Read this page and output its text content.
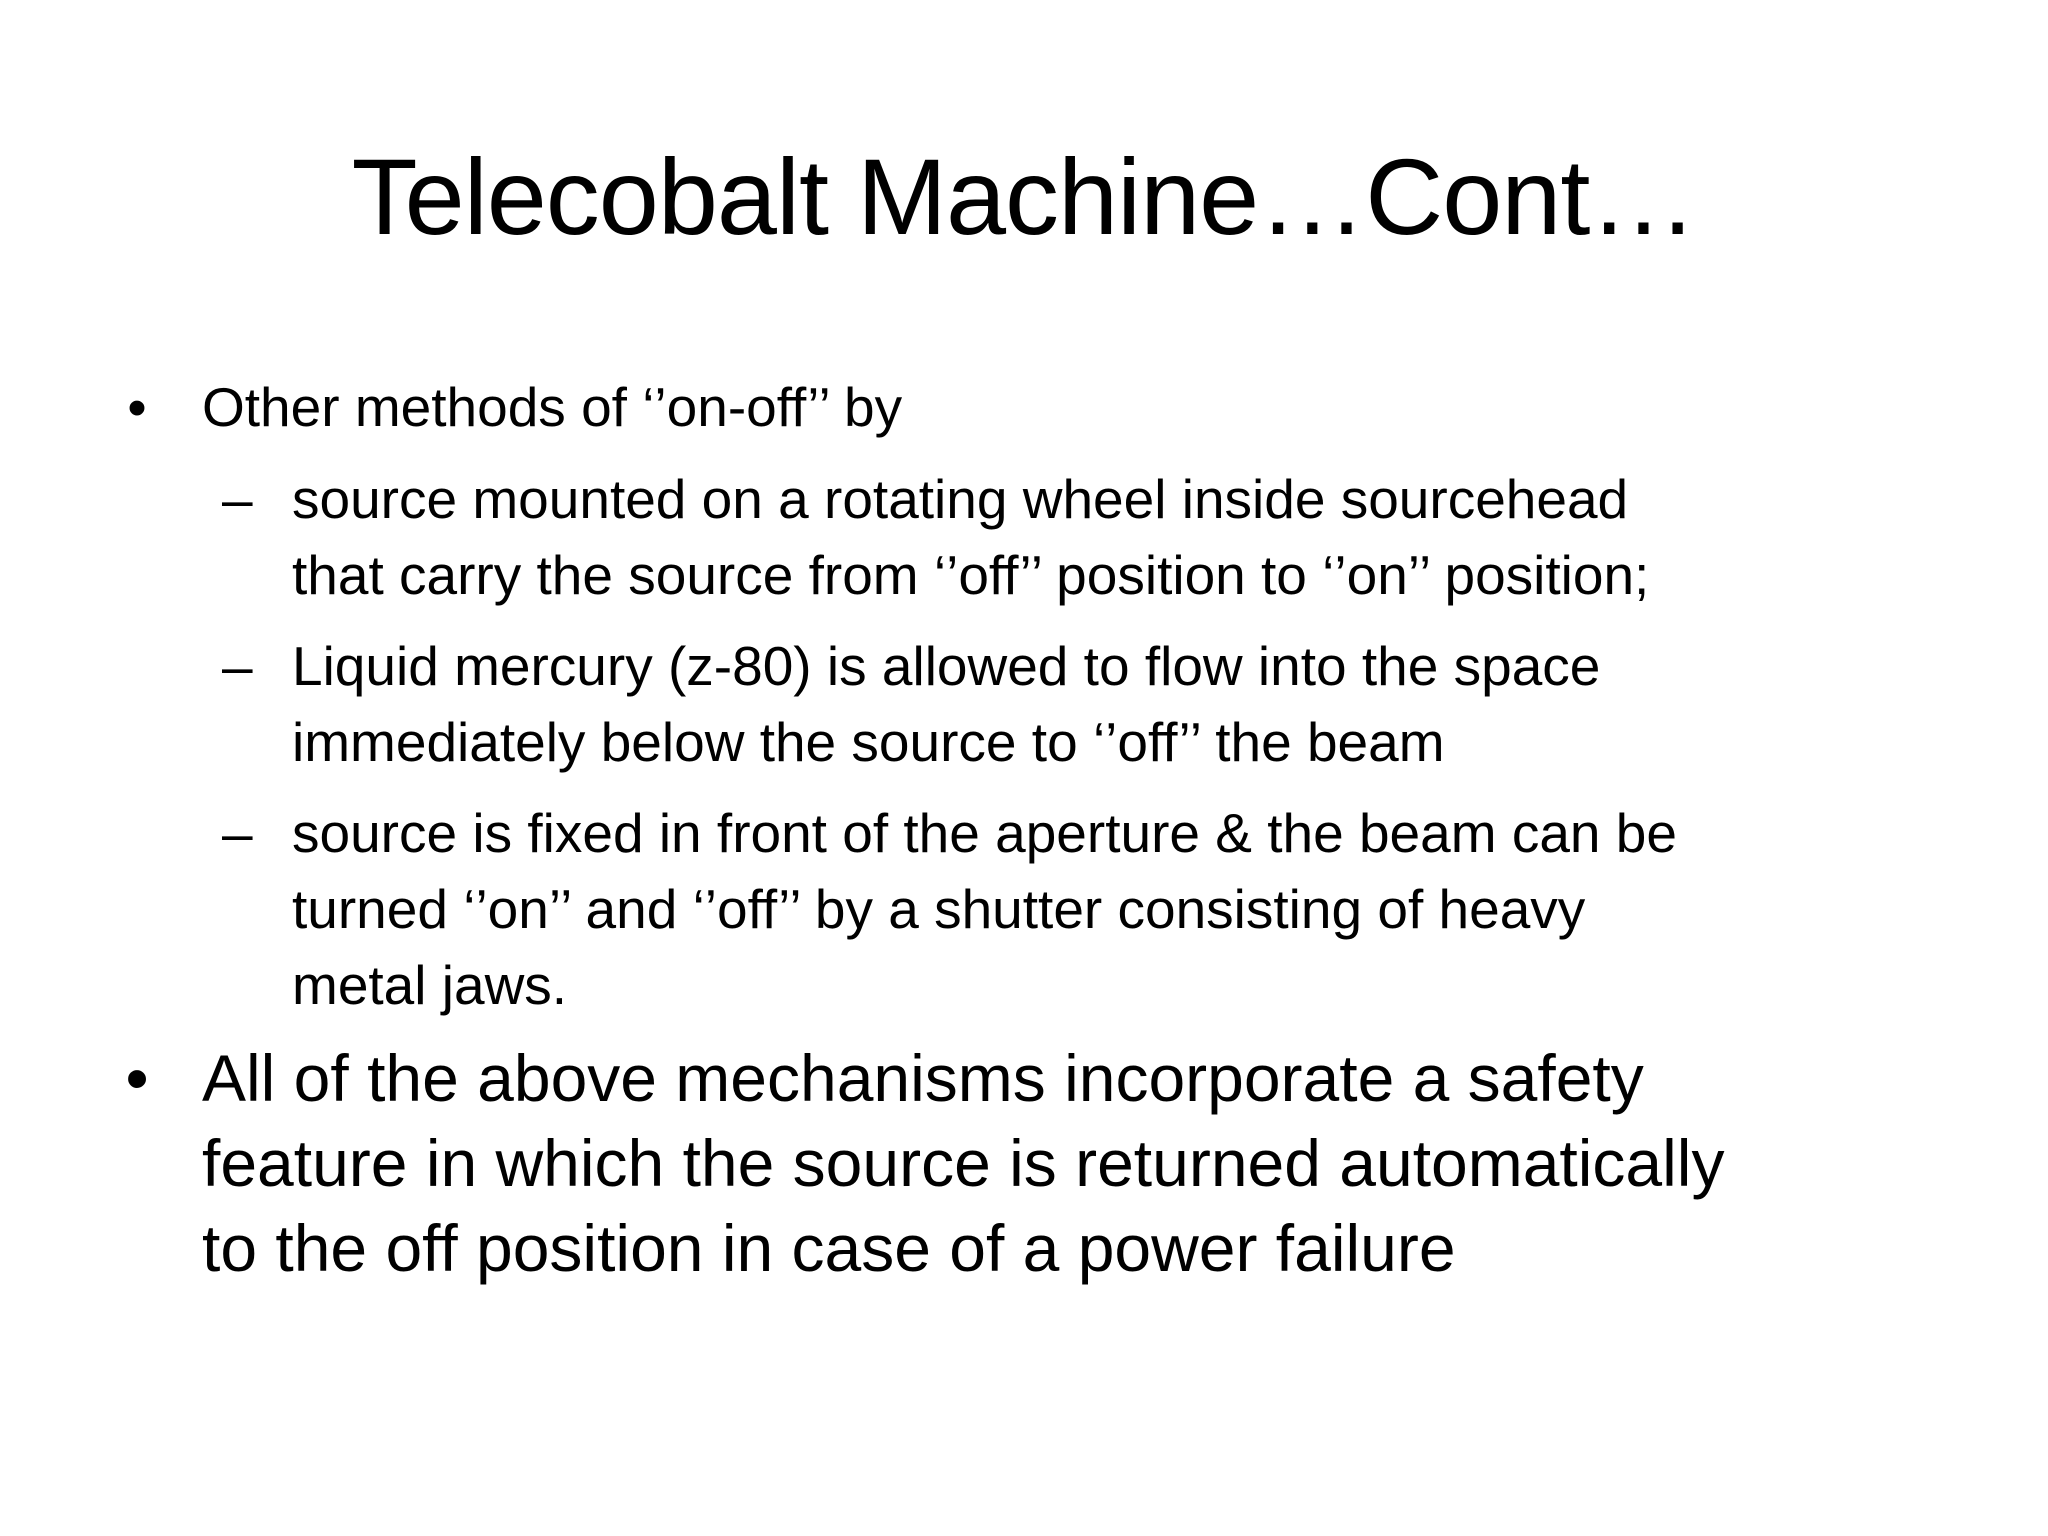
Telecobalt Machine…Cont…
• Other methods of ‘’on-off’’ by
– source mounted on a rotating wheel inside sourcehead
that carry the source from ‘’off’’ position to ‘’on’’ position;
– Liquid mercury (z-80) is allowed to flow into the space
immediately below the source to ‘’off’’ the beam
– source is fixed in front of the aperture & the beam can be
turned ‘’on’’ and ‘’off’’ by a shutter consisting of heavy
metal jaws.
• All of the above mechanisms incorporate a safety
feature in which the source is returned automatically
to the off position in case of a power failure
